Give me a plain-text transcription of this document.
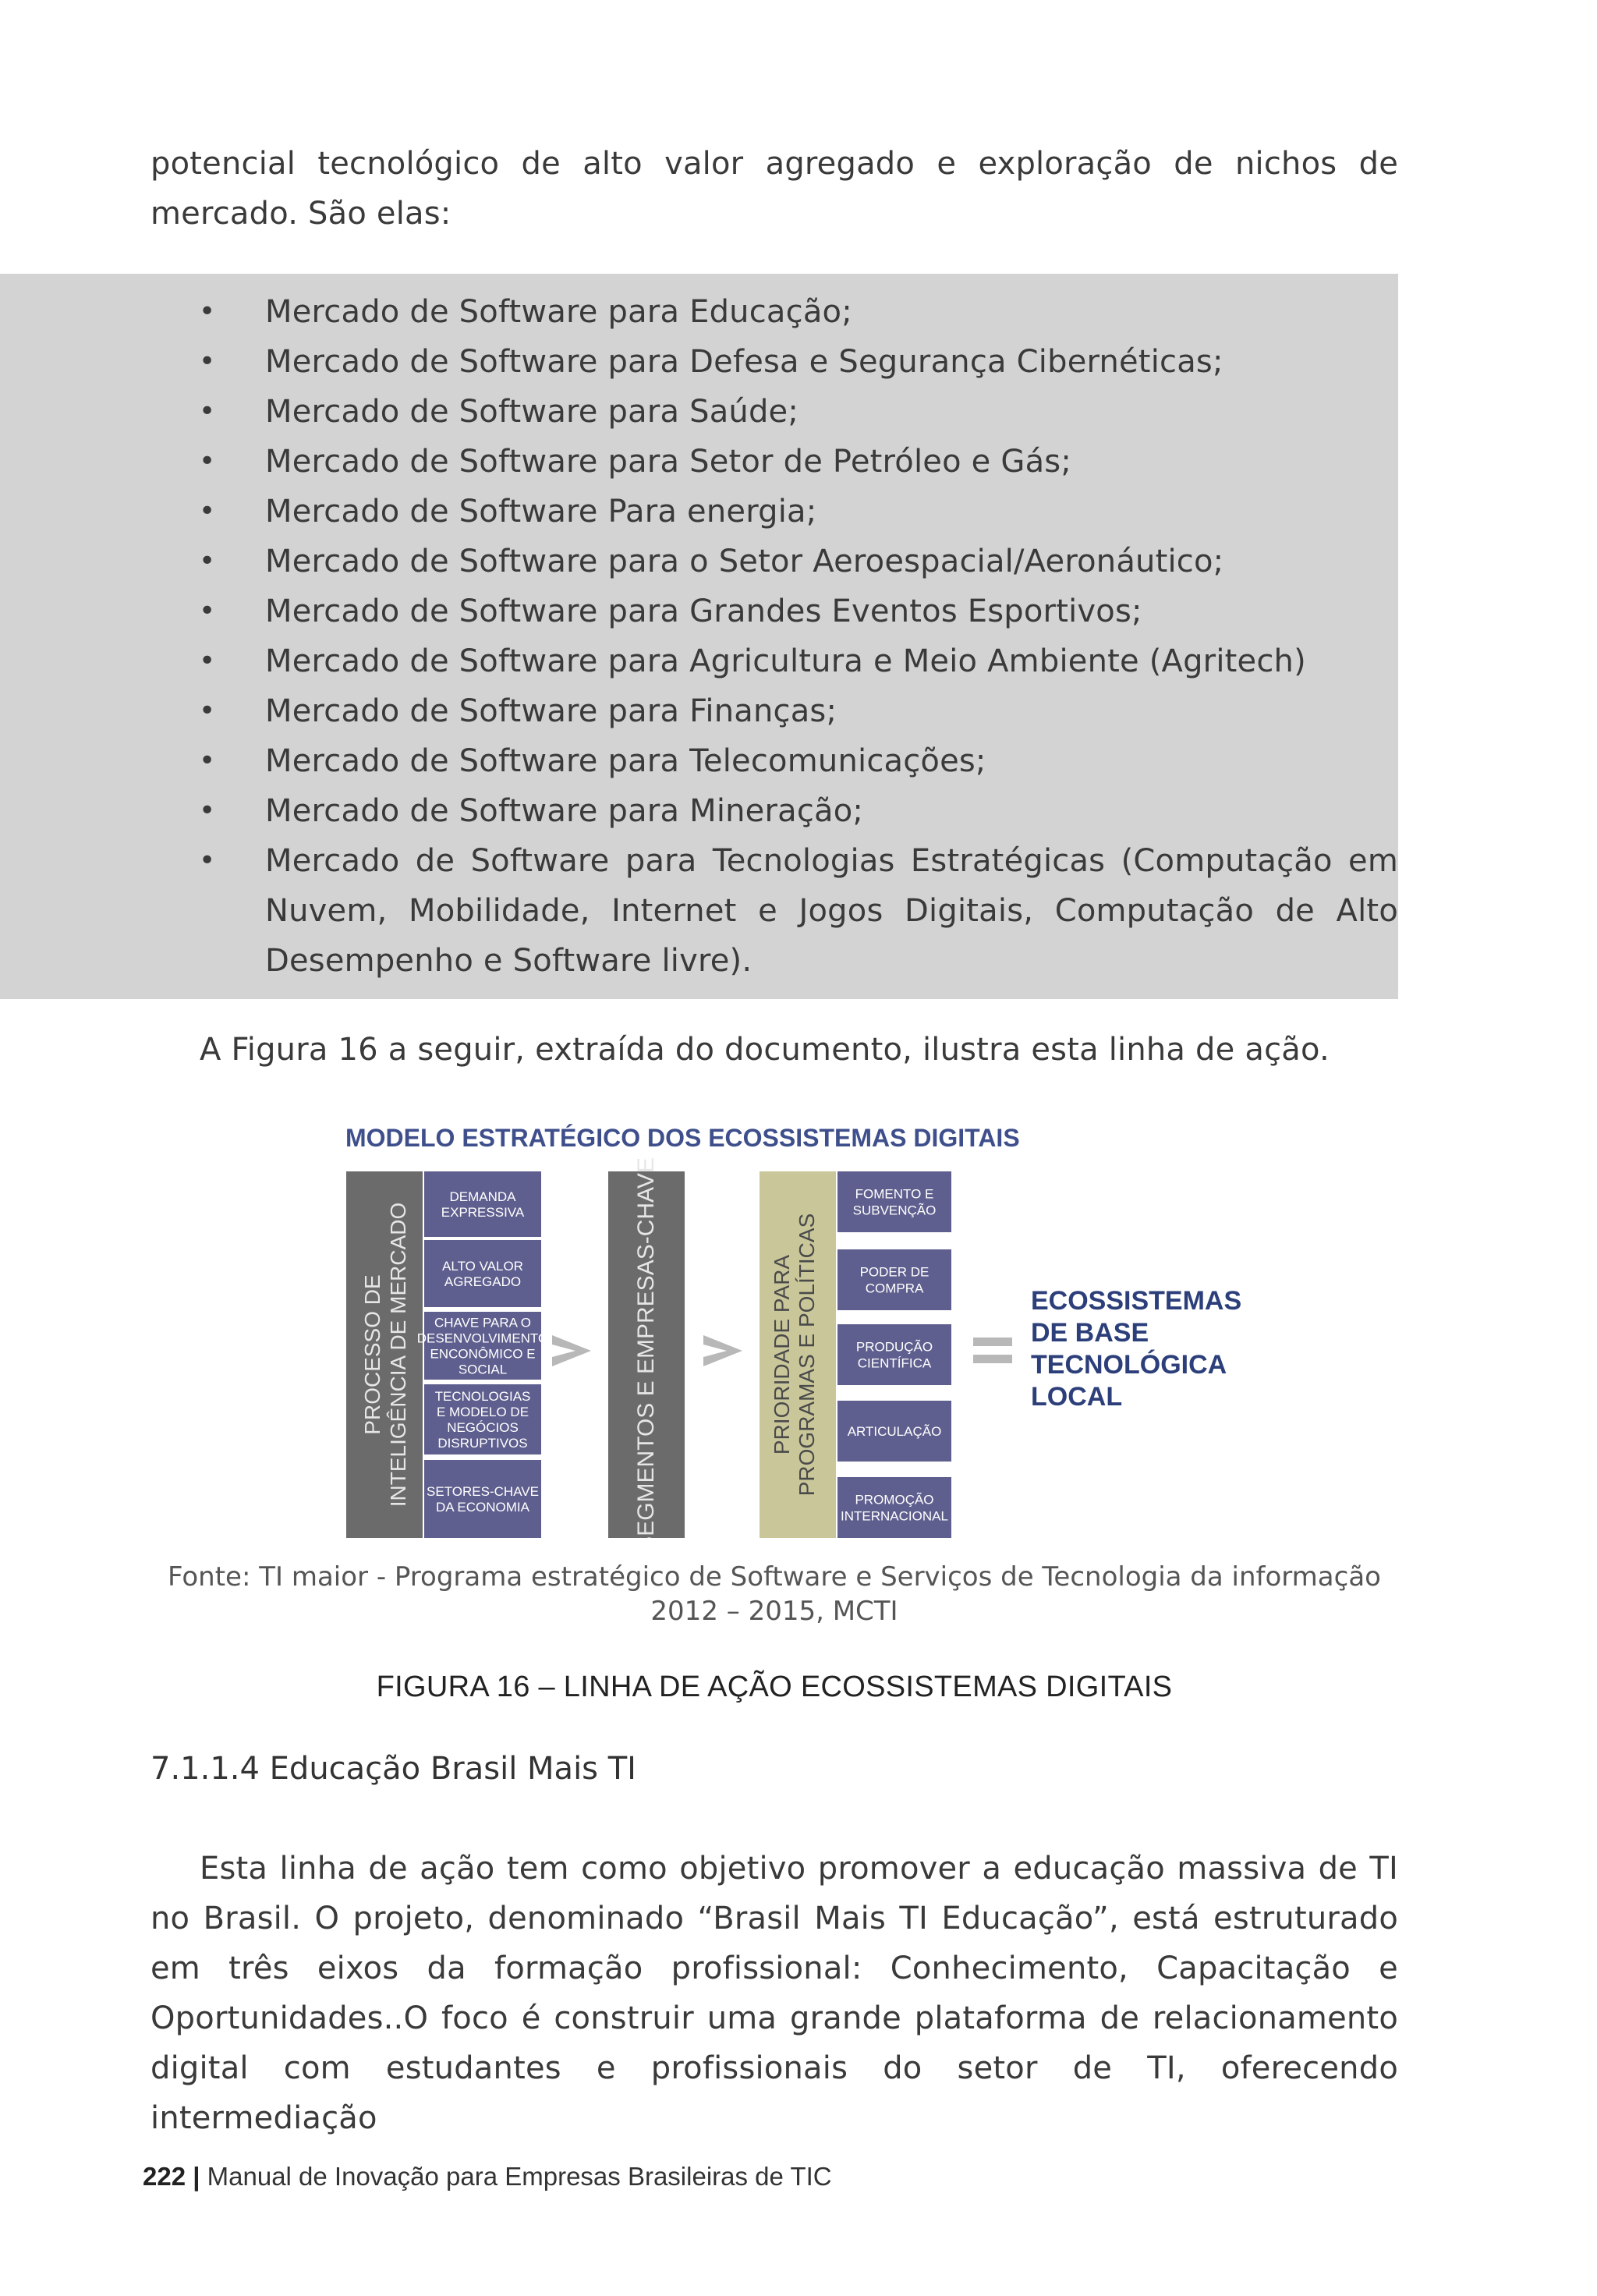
potencial tecnológico de alto valor agregado e exploração de nichos de mercado. São elas:

• Mercado de Software para Educação;
• Mercado de Software para Defesa e Segurança Cibernéticas;
• Mercado de Software para Saúde;
• Mercado de Software para Setor de Petróleo e Gás;
• Mercado de Software Para energia;
• Mercado de Software para o Setor Aeroespacial/Aeronáutico;
• Mercado de Software para Grandes Eventos Esportivos;
• Mercado de Software para Agricultura e Meio Ambiente (Agritech)
• Mercado de Software para Finanças;
• Mercado de Software para Telecomunicações;
• Mercado de Software para Mineração;
• Mercado de Software para Tecnologias Estratégicas (Computação em Nuvem, Mobilidade, Internet e Jogos Digitais, Computação de Alto Desempenho e Software livre).

A Figura 16 a seguir, extraída do documento, ilustra esta linha de ação.

MODELO ESTRATÉGICO DOS ECOSSISTEMAS DIGITAIS
PROCESSO DE INTELIGÊNCIA DE MERCADO
DEMANDA
EXPRESSIVA
ALTO VALOR
AGREGADO
CHAVE PARA O
DESENVOLVIMENTO
ENCONÔMICO E
SOCIAL
TECNOLOGIAS
E MODELO DE
NEGÓCIOS
DISRUPTIVOS
SETORES-CHAVE
DA ECONOMIA	SEGMENTOS E EMPRESAS-CHAVE	PRIORIDADE PARA PROGRAMAS E POLÍTICAS
FOMENTO E
SUBVENÇÃO
PODER DE
COMPRA
PRODUÇÃO
CIENTÍFICA
ARTICULAÇÃO
PROMOÇÃO
INTERNACIONAL
ECOSSISTEMAS
DE BASE
TECNOLÓGICA
LOCAL

Fonte: TI maior - Programa estratégico de Software e Serviços de Tecnologia da informação 2012 – 2015, MCTI

FIGURA 16 – LINHA DE AÇÃO ECOSSISTEMAS DIGITAIS

7.1.1.4 Educação Brasil Mais TI

Esta linha de ação tem como objetivo promover a educação massiva de TI no Brasil. O projeto, denominado “Brasil Mais TI Educação”, está estruturado em três eixos da formação profissional: Conhecimento, Capacitação e Oportunidades..O foco é construir uma grande plataforma de relacionamento digital com estudantes e profissionais do setor de TI, oferecendo intermediação

222 | Manual de Inovação para Empresas Brasileiras de TIC
